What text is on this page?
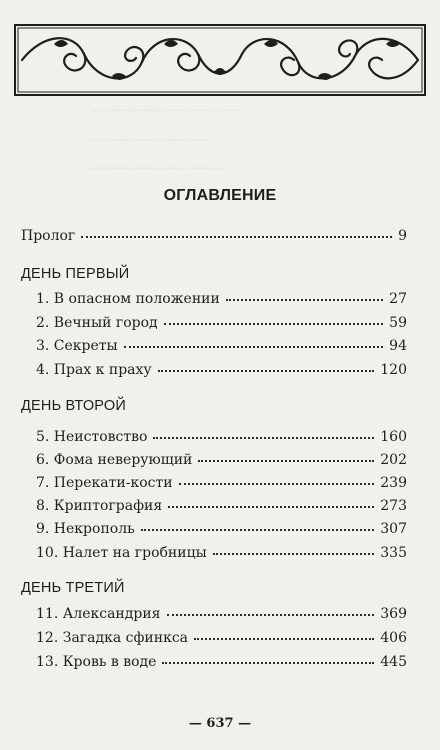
············································
···································
······································
ОГЛАВЛЕНИЕ
Пролог	9
ДЕНЬ ПЕРВЫЙ
1. В опасном положении	27
2. Вечный город	59
3. Секреты	94
4. Прах к праху	120
ДЕНЬ ВТОРОЙ
5. Неистовство	160
6. Фома неверующий	202
7. Перекати-кости	239
8. Криптография	273
9. Некрополь	307
10. Налет на гробницы	335
ДЕНЬ ТРЕТИЙ
11. Александрия	369
12. Загадка сфинкса	406
13. Кровь в воде	445
— 637 —
